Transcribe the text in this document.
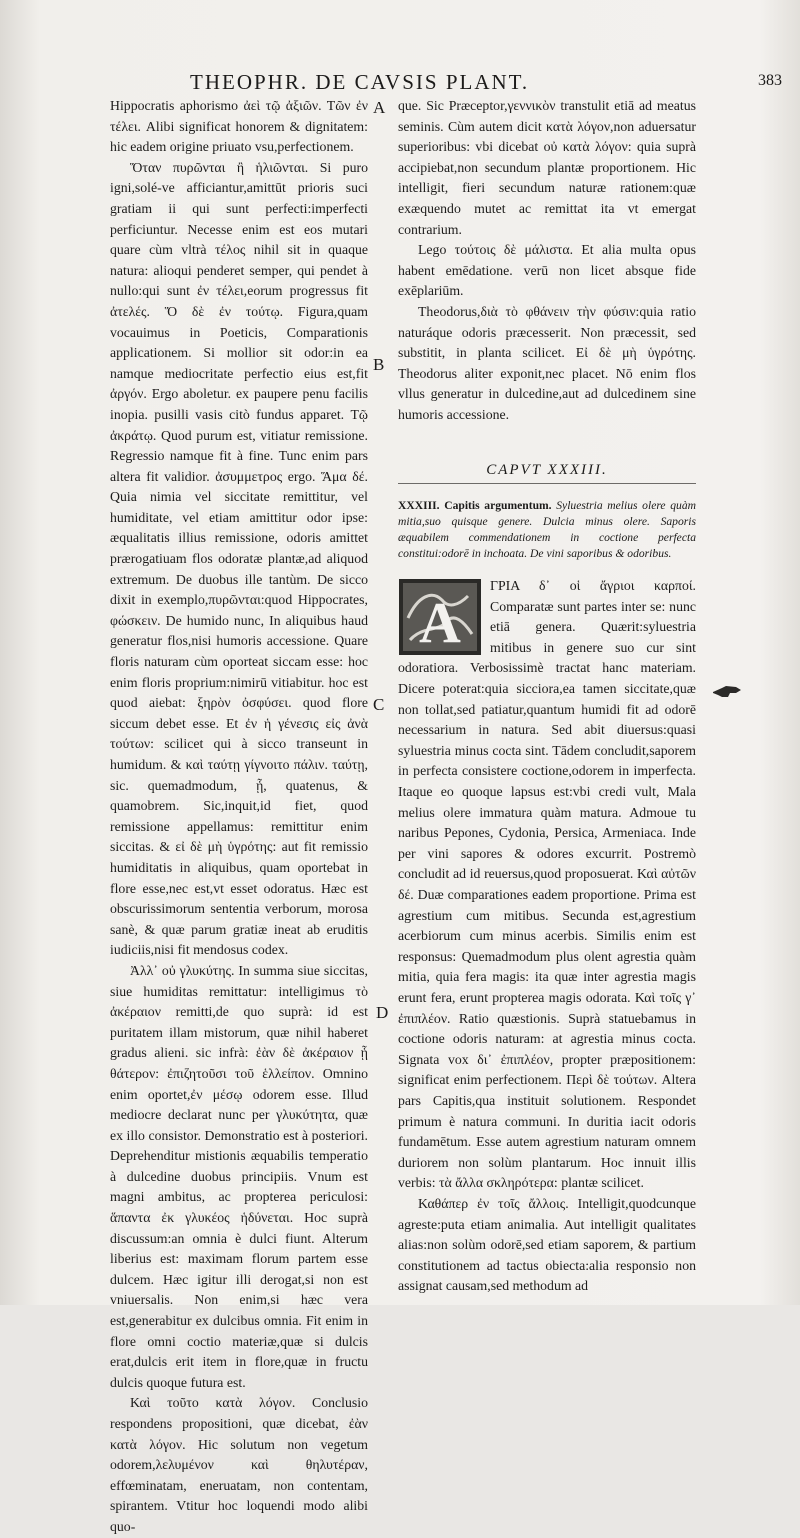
THEOPHR. DE CAVSIS PLANT.	383
A
B
C
D

Hippocratis aphorismo ἀεὶ τῷ ἀξιῶν. Τῶν ἐν τέλει. Alibi significat honorem & dignitatem: hic eadem origine priuato vsu,perfectionem.

Ὅταν πυρῶνται ἢ ἡλιῶνται. Si puro igni,solé-ve afficiantur,amittūt prioris suci gratiam ii qui sunt perfecti:imperfecti perficiuntur. Necesse enim est eos mutari quare cùm vltrà τέλος nihil sit in quaque natura: alioqui penderet semper, qui pendet à nullo:qui sunt ἐν τέλει,eorum progressus fit ἀτελές. Ὅ δὲ ἐν τούτῳ. Figura,quam vocauimus in Poeticis, Comparationis applicationem. Si mollior sit odor:in ea namque mediocritate perfectio eius est,fit ἀργόν. Ergo aboletur. ex paupere penu facilis inopia. pusilli vasis citò fundus apparet. Τῷ ἀκράτῳ. Quod purum est, vitiatur remissione. Regressio namque fit à fine. Tunc enim pars altera fit validior. ἀσυμμετρος ergo. Ἅμα δέ. Quia nimia vel siccitate remittitur, vel humiditate, vel etiam amittitur odor ipse: æqualitatis illius remissione, odoris amittet prærogatiuam flos odoratæ plantæ,ad aliquod extremum. De duobus ille tantùm. De sicco dixit in exemplo,πυρῶνται:quod Hippocrates, φώσκειν. De humido nunc, In aliquibus haud generatur flos,nisi humoris accessione. Quare floris naturam cùm oporteat siccam esse: hoc enim floris proprium:nimirū vitiabitur. hoc est quod aiebat: ξηρὸν ὀσφύσει. quod flore siccum debet esse. Et ἐν ἡ γένεσις εἰς ἀνὰ τούτων: scilicet qui à sicco transeunt in humidum. & καὶ ταύτῃ γίγνοιτο πάλιν. ταύτῃ, sic. quemadmodum, ᾗ, quatenus, & quamobrem. Sic,inquit,id fiet, quod remissione appellamus: remittitur enim siccitas. & εἰ δὲ μὴ ὑγρότης: aut fit remissio humiditatis in aliquibus, quam oportebat in flore esse,nec est,vt esset odoratus. Hæc est obscurissimorum sententia verborum, morosa sanè, & quæ parum gratiæ ineat ab eruditis iudiciis,nisi fit mendosus codex.

Ἀλλ᾽ οὐ γλυκύτης. In summa siue siccitas, siue humiditas remittatur: intelligimus τὸ ἀκέραιον remitti,de quo suprà: id est puritatem illam mistorum, quæ nihil haberet gradus alieni. sic infrà: ἐὰν δὲ ἀκέραιον ᾖ θάτερον: ἐπιζητοῦσι τοῦ ἑλλείπον. Omnino enim oportet,ἐν μέσῳ odorem esse. Illud mediocre declarat nunc per γλυκύτητα, quæ ex illo consistor. Demonstratio est à posteriori. Deprehenditur mistionis æquabilis temperatio à dulcedine duobus principiis. Vnum est magni ambitus, ac propterea periculosi: ἅπαντα ἐκ γλυκέος ἡδύνεται. Hoc suprà discussum:an omnia è dulci fiunt. Alterum liberius est: maximam florum partem esse dulcem. Hæc igitur illi derogat,si non est vniuersalis. Non enim,si hæc vera est,generabitur ex dulcibus omnia. Fit enim in flore omni coctio materiæ,quæ si dulcis erat,dulcis erit item in flore,quæ in fructu dulcis quoque futura est.

Καὶ τοῦτο κατὰ λόγον. Conclusio respondens propositioni, quæ dicebat, ἐὰν κατὰ λόγον. Hic solutum non vegetum odorem,λελυμένον καὶ θηλυτέραν, effœminatam, eneruatam, non contentam, spirantem. Vtitur hoc loquendi modo alibi quo-

que. Sic Præceptor,γεννικὸν transtulit etiā ad meatus seminis. Cùm autem dicit κατὰ λόγον,non aduersatur superioribus: vbi dicebat οὐ κατὰ λόγον: quia suprà accipiebat,non secundum plantæ proportionem. Hic intelligit, fieri secundum naturæ rationem:quæ exæquendo mutet ac remittat ita vt emergat contrarium.

Lego τούτοις δὲ μάλιστα. Et alia multa opus habent emēdatione. verū non licet absque fide exēplariūm.

Theodorus,διὰ τὸ φθάνειν τὴν φύσιν:quia ratio naturáque odoris præcesserit. Non præcessit, sed substitit, in planta scilicet. Εἰ δὲ μὴ ὑγρότης. Theodorus aliter exponit,nec placet. Nō enim flos vllus generatur in dulcedine,aut ad dulcedinem sine humoris accessione.

CAPVT XXXIII.
XXXIII. Capitis argumentum. Syluestria melius olere quàm mitia,suo quisque genere. Dulcia minus olere. Saporis æquabilem commendationem in coctione perfecta constitui:odorē in inchoata. De vini saporibus & odoribus.
A

ΓΡΙΑ δ᾽ οἱ ἄγριοι καρποί. Comparatæ sunt partes inter se: nunc etiā genera. Quærit:syluestria mitibus in genere suo cur sint odoratiora. Verbosissimè tractat hanc materiam. Dicere poterat:quia sicciora,ea tamen siccitate,quæ non tollat,sed patiatur,quantum humidi fit ad odorē necessarium in natura. Sed abit diuersus:quasi syluestria minus cocta sint. Tādem concludit,saporem in perfecta consistere coctione,odorem in imperfecta. Itaque eo quoque lapsus est:vbi credi vult, Mala melius olere immatura quàm matura. Admoue tu naribus Pepones, Cydonia, Persica, Armeniaca. Inde per vini sapores & odores excurrit. Postremò concludit ad id reuersus,quod proposuerat. Καὶ αὐτῶν δέ. Duæ comparationes eadem proportione. Prima est agrestium cum mitibus. Secunda est,agrestium acerbiorum cum minus acerbis. Similis enim est responsus: Quemadmodum plus olent agrestia quàm mitia, quia fera magis: ita quæ inter agrestia magis erunt fera, erunt propterea magis odorata. Καὶ τοῖς γ᾽ ἐπιπλέον. Ratio quæstionis. Suprà statuebamus in coctione odoris naturam: at agrestia minus cocta. Signata vox δι᾽ ἐπιπλέον, propter præpositionem: significat enim perfectionem. Περὶ δὲ τούτων. Altera pars Capitis,qua instituit solutionem. Respondet primum è natura communi. In duritia iacit odoris fundamētum. Esse autem agrestium naturam omnem duriorem non solùm plantarum. Hoc innuit illis verbis: τὰ ἄλλα σκληρότερα: plantæ scilicet.

Καθάπερ ἐν τοῖς ἄλλοις. Intelligit,quodcunque agreste:puta etiam animalia. Aut intelligit qualitates alias:non solùm odorē,sed etiam saporem, & partium constitutionem ad tactus obiecta:alia responsio non assignat causam,sed methodum ad
